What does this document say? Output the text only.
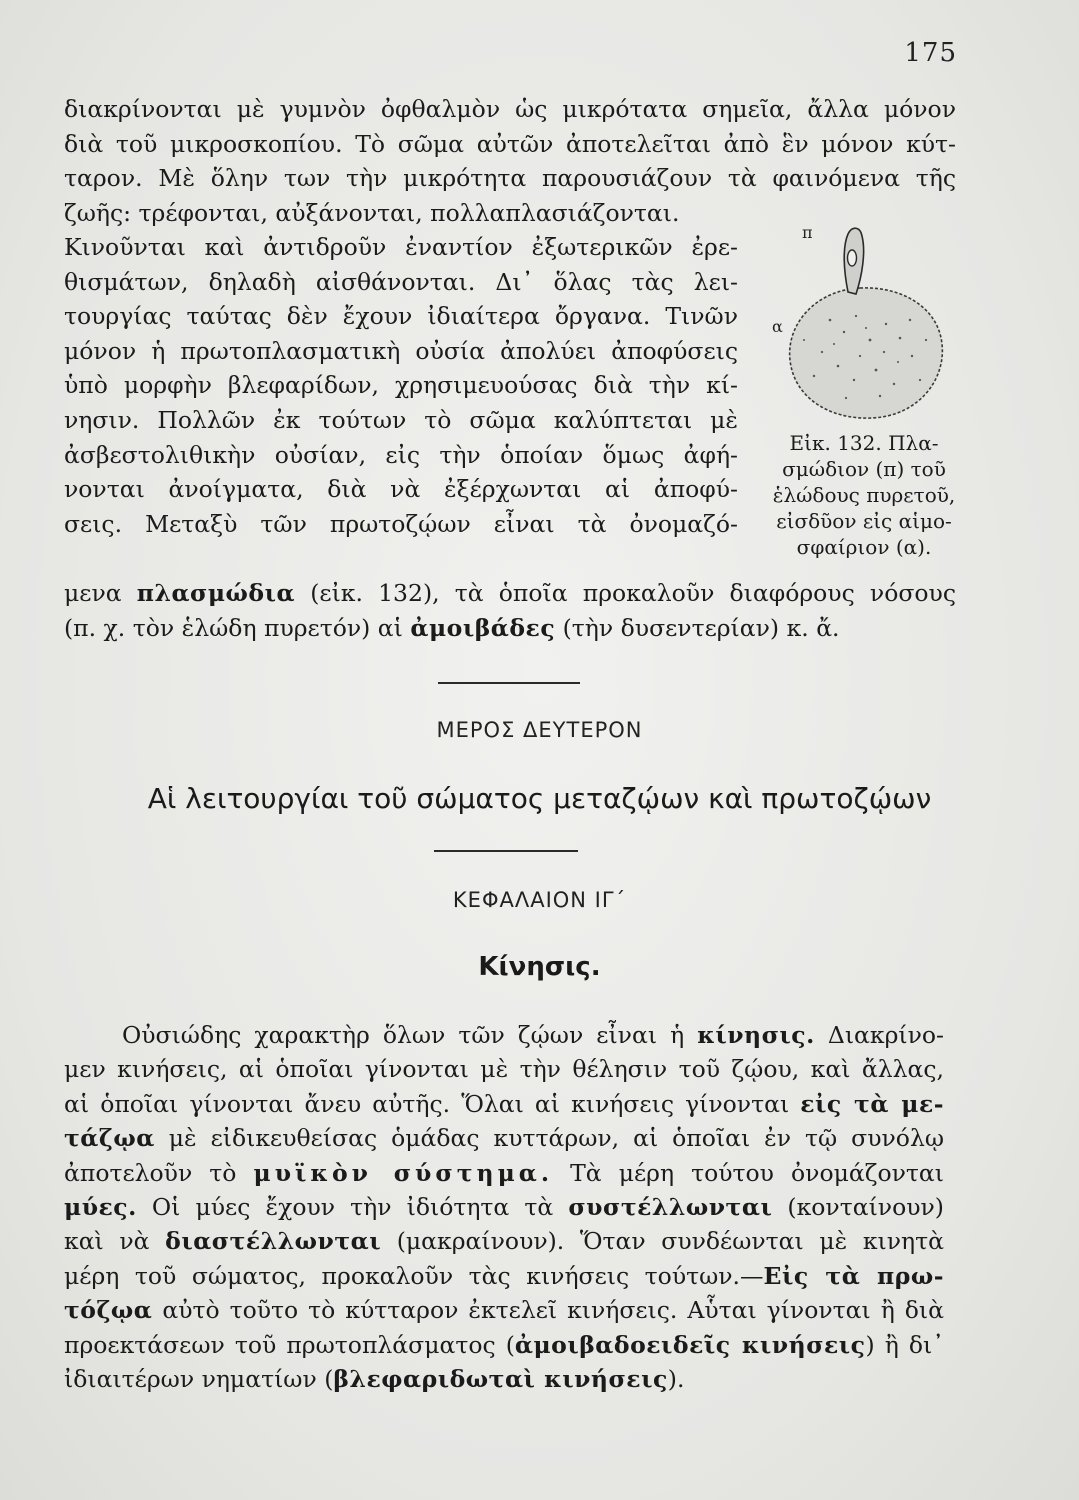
175
διακρίνονται μὲ γυμνὸν ὀφθαλμὸν ὡς μικρότατα σημεῖα, ἄλλα μόνον
διὰ τοῦ μικροσκοπίου. Τὸ σῶμα αὐτῶν ἀποτελεῖται ἀπὸ ἓν μόνον κύτ-
ταρον. Μὲ ὅλην των τὴν μικρότητα παρουσιάζουν τὰ φαινόμενα τῆς
ζωῆς: τρέφονται, αὐξάνονται, πολλαπλασιάζονται.
Κινοῦνται καὶ ἀντιδροῦν ἐναντίον ἐξωτερικῶν ἐρε-
θισμάτων, δηλαδὴ αἰσθάνονται. Δι᾽ ὅλας τὰς λει-
τουργίας ταύτας δὲν ἔχουν ἰδιαίτερα ὄργανα. Τινῶν
μόνον ἡ πρωτοπλασματικὴ οὐσία ἀπολύει ἀποφύσεις
ὑπὸ μορφὴν βλεφαρίδων, χρησιμευούσας διὰ τὴν κί-
νησιν. Πολλῶν ἐκ τούτων τὸ σῶμα καλύπτεται μὲ
ἀσβεστολιθικὴν οὐσίαν, εἰς τὴν ὁποίαν ὅμως ἀφή-
νονται ἀνοίγματα, διὰ νὰ ἐξέρχωνται αἱ ἀποφύ-
σεις. Μεταξὺ τῶν πρωτοζῴων εἶναι τὰ ὀνομαζό-
μενα πλασμώδια (εἰκ. 132), τὰ ὁποῖα προκαλοῦν διαφόρους νόσους
(π. χ. τὸν ἑλώδη πυρετόν) αἱ ἀμοιβάδες (τὴν δυσεντερίαν) κ. ἄ.
π
α
Εἰκ. 132. Πλα-
σμώδιον (π) τοῦ
ἑλώδους πυρετοῦ,
εἰσδῦον εἰς αἱμο-
σφαίριον (α).
ΜΕΡΟΣ ΔΕΥΤΕΡΟΝ
Αἱ λειτουργίαι τοῦ σώματος μεταζῴων καὶ πρωτοζῴων
ΚΕΦΑΛΑΙΟΝ ΙΓ΄
Κίνησις.
Οὐσιώδης χαρακτὴρ ὅλων τῶν ζῴων εἶναι ἡ κίνησις. Διακρίνο-
μεν κινήσεις, αἱ ὁποῖαι γίνονται μὲ τὴν θέλησιν τοῦ ζῴου, καὶ ἄλλας,
αἱ ὁποῖαι γίνονται ἄνευ αὐτῆς. Ὅλαι αἱ κινήσεις γίνονται εἰς τὰ με-
τάζῳα μὲ εἰδικευθείσας ὁμάδας κυττάρων, αἱ ὁποῖαι ἐν τῷ συνόλῳ
ἀποτελοῦν τὸ μυϊκὸν σύστημα. Τὰ μέρη τούτου ὀνομάζονται
μύες. Οἱ μύες ἔχουν τὴν ἰδιότητα τὰ συστέλλωνται (κονταίνουν)
καὶ νὰ διαστέλλωνται (μακραίνουν). Ὅταν συνδέωνται μὲ κινητὰ
μέρη τοῦ σώματος, προκαλοῦν τὰς κινήσεις τούτων.—Εἰς τὰ πρω-
τόζῳα αὐτὸ τοῦτο τὸ κύτταρον ἐκτελεῖ κινήσεις. Αὗται γίνονται ἢ διὰ
προεκτάσεων τοῦ πρωτοπλάσματος (ἀμοιβαδοειδεῖς κινήσεις) ἢ δι᾽
ἰδιαιτέρων νηματίων (βλεφαριδωταὶ κινήσεις).
